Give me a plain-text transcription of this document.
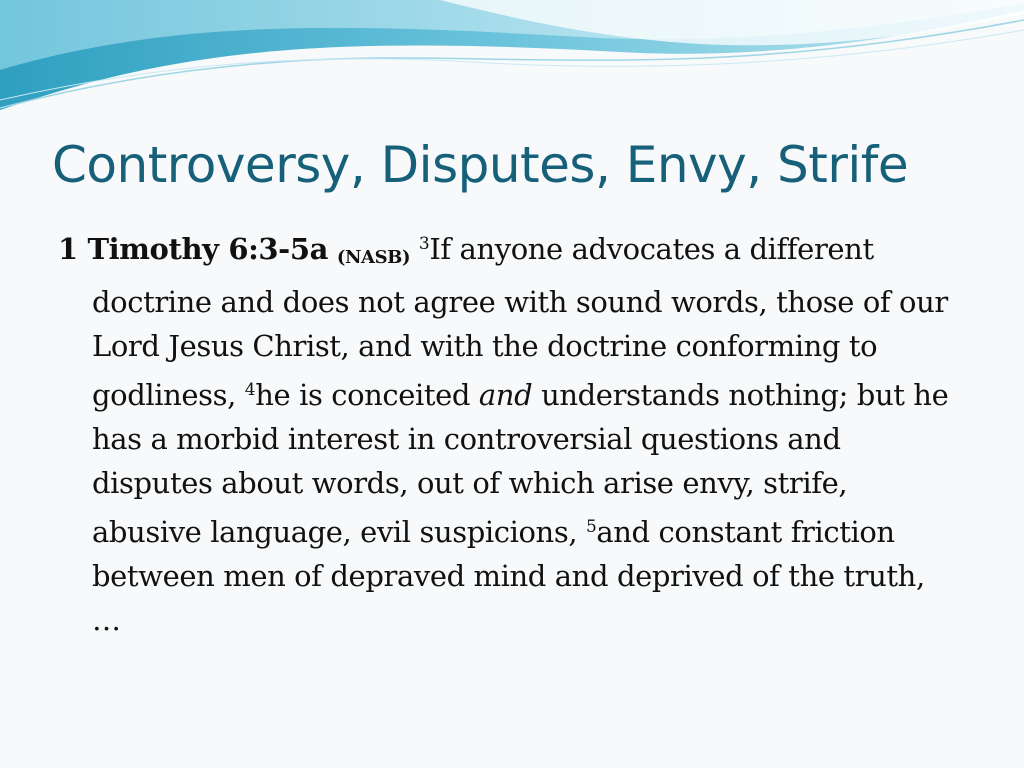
Controversy, Disputes, Envy, Strife

1 Timothy 6:3-5a (NASB) $^3$If anyone advocates a different doctrine and does not agree with sound words, those of our Lord Jesus Christ, and with the doctrine conforming to godliness, $^4$he is conceited and understands nothing; but he has a morbid interest in controversial questions and disputes about words, out of which arise envy, strife, abusive language, evil suspicions, $^5$and constant friction between men of depraved mind and deprived of the truth, …
